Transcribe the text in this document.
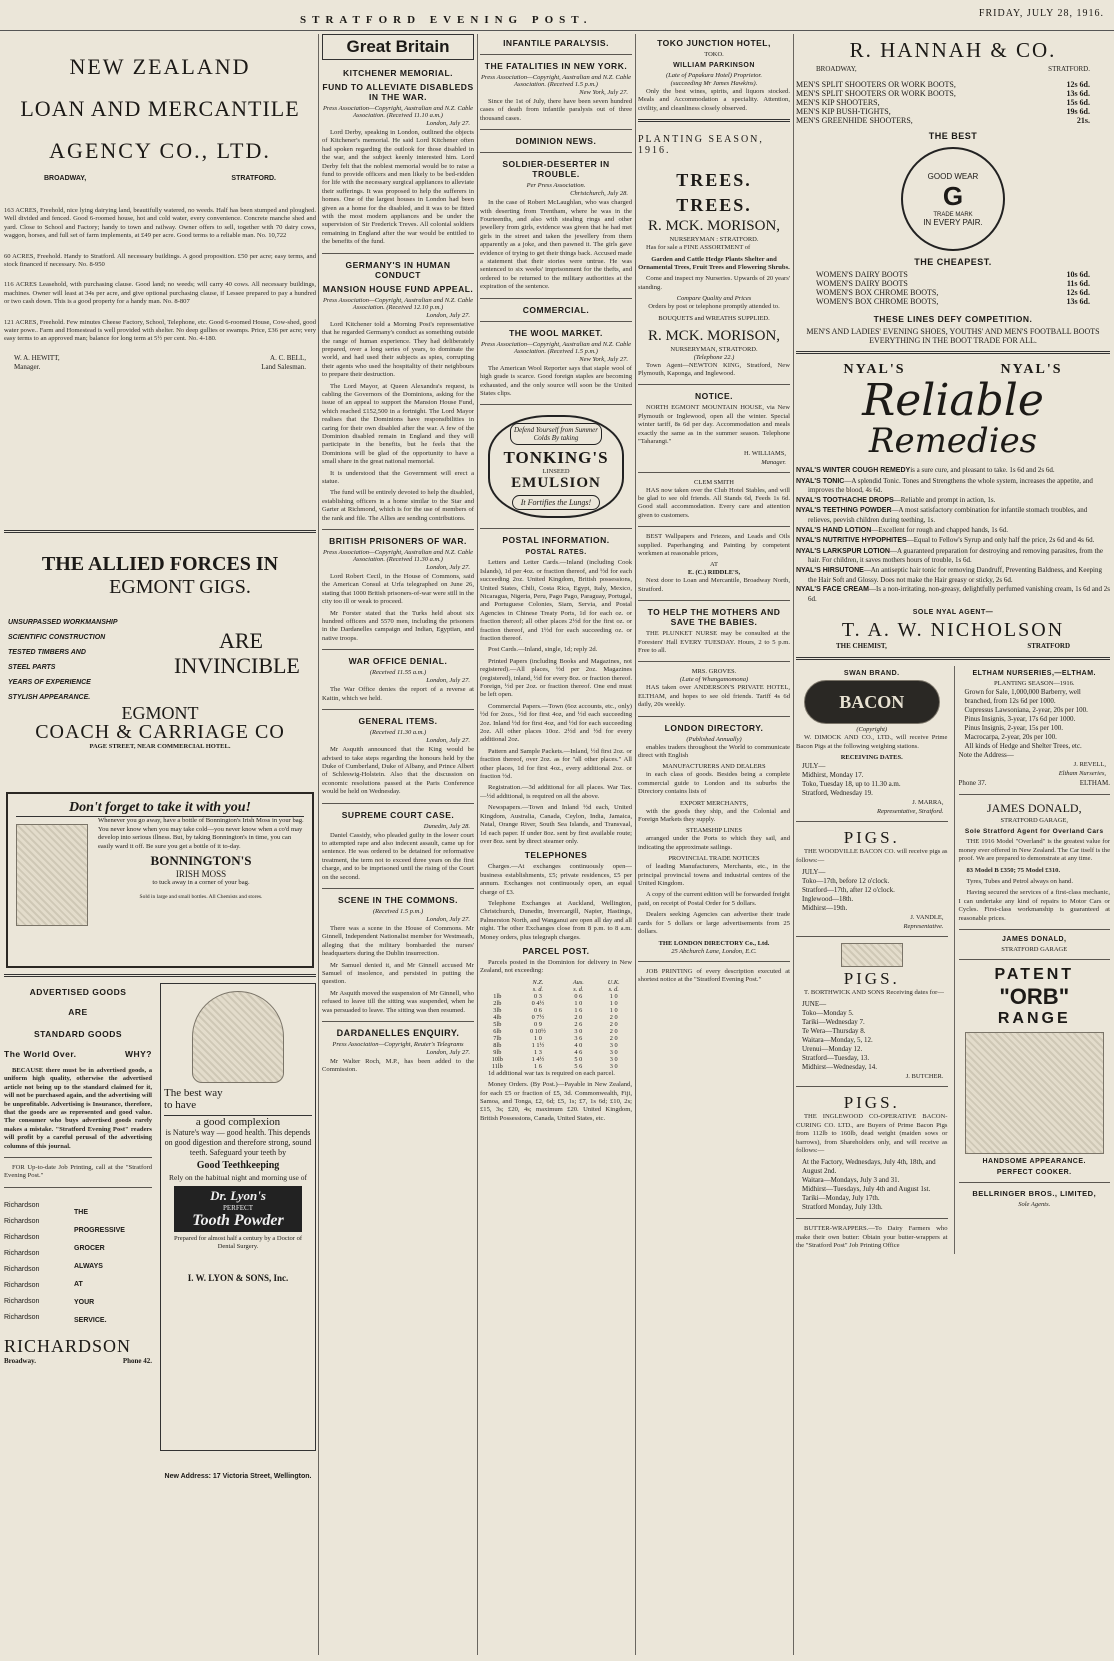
STRATFORD EVENING POST.
FRIDAY, JULY 28, 1916.
NEW ZEALAND
LOAN AND MERCANTILE
AGENCY CO., LTD.
BROADWAY,	STRATFORD.
163 ACRES, Freehold, nice lying dairying land, beautifully watered, no weeds. Half has been stumped and ploughed. Well divided and fenced. Good 6-roomed house, hot and cold water, every convenience. Concrete manche shed and yard. Close to School and Factory; handy to town and railway. Owner offers to sell, together with 70 dairy cows, waggon, horses, and full set of farm implements, at £49 per acre. Good terms to a reliable man. No. 10,722
60 ACRES, Freehold. Handy to Stratford. All necessary buildings. A good proposition. £50 per acre; easy terms, and stock financed if necessary. No. 8-950
116 ACRES Leasehold, with purchasing clause. Good land; no weeds; will carry 40 cows. All necessary buildings, machines. Owner will least at 34s per acre, and give optional purchasing clause, if Lessee prepared to pay a hundred or two cash down. This is a good property for a handy man. No. 8-807
121 ACRES, Freehold. Few minutes Cheese Factory, School, Telephone, etc. Good 6-roomed House, Cow-shed, good water powe.. Farm and Homestead is well provided with shelter. No deep gullies or swamps. Price, £36 per acre; very easy terms to an approved man; balance for long term at 5½ per cent. No. 4-180.
W. A. HEWITT,
Manager.
A. C. BELL,
Land Salesman.
THE ALLIED FORCES IN
EGMONT GIGS.
UNSURPASSED WORKMANSHIP
SCIENTIFIC CONSTRUCTION
TESTED TIMBERS AND
STEEL PARTS
YEARS OF EXPERIENCE
STYLISH APPEARANCE.
ARE
INVINCIBLE
EGMONT
COACH & CARRIAGE CO
PAGE STREET, NEAR COMMERCIAL HOTEL.
Don't forget to take it with you!
Whenever you go away, have a bottle of Bonnington's Irish Moss in your bag. You never know when you may take cold—you never know when a co'd may develop into serious illness. But, by taking Bonnington's in time, you can easily ward it off. Be sure you get a bottle of it to-day.
BONNINGTON'S
IRISH MOSS
to tuck away in a corner of your bag.
Sold in large and small bottles. All Chemists and stores.
ADVERTISED GOODS
ARE
STANDARD GOODS
The World Over.	WHY?
BECAUSE there must be in advertised goods, a uniform high quality, otherwise the advertised article not being up to the standard claimed for it, will not be purchased again, and the advertising will be unprofitable. Advertising is Insurance, therefore, that the goods are as represented and good value. The consumer who buys advertised goods rarely makes a mistake. "Stratford Evening Post" readers will profit by a careful perusal of the advertising columns of this journal.
FOR Up-to-date Job Printing, call at the "Stratford Evening Post."
Richardson
Richardson
Richardson
Richardson
Richardson
Richardson
Richardson
Richardson
THE
PROGRESSIVE
GROCER
ALWAYS
AT
YOUR
SERVICE.
RICHARDSON
Broadway.	Phone 42.
The best way to have
a good complexion
is Nature's way — good health. This depends on good digestion and therefore strong, sound teeth. Safeguard your teeth by
Good Teethkeeping
Rely on the habitual night and morning use of
Dr. Lyon's
PERFECT
Tooth Powder
Prepared for almost half a century by a Doctor of Dental Surgery.
I. W. LYON & SONS, Inc.
New Address: 17 Victoria Street, Wellington.
Great Britain
KITCHENER MEMORIAL.
FUND TO ALLEVIATE DISABLEDS IN THE WAR.
Press Association—Copyright, Australian and N.Z. Cable Association. (Received 11.10 a.m.)
London, July 27.
Lord Derby, speaking in London, outlined the objects of Kitchener's memorial. He said Lord Kitchener often had spoken regarding the outlook for those disabled in the war, and the subject keenly interested him. Lord Derby felt that the noblest memorial would be to raise a fund to provide officers and men likely to be bed-ridden for life with the necessary surgical appliances to alleviate their sufferings. It was proposed to help the sufferers in homes. One of the largest houses in London had been given as a home for the disabled, and it was to be fitted with the most modern appliances and be under the supervision of Sir Frederick Treves. All colonial soldiers remaining in England after the war would be entitled to the benefits of the fund.
GERMANY'S IN HUMAN CONDUCT
MANSION HOUSE FUND APPEAL.
Press Association—Copyright, Australian and N.Z. Cable Association. (Received 12.10 p.m.)
London, July 27.
Lord Kitchener told a Morning Post's representative that he regarded Germany's conduct as something outside the range of human experience. They had deliberately prepared, over a long series of years, to dominate the world, and had used their subjects as spies, corrupting their agents who used the hospitality of their neighbours to prepare their destruction.
The Lord Mayor, at Queen Alexandra's request, is cabling the Governors of the Dominions, asking for the issue of an appeal to support the Mansion House Fund, which reached £152,500 in a fortnight. The Lord Mayor realises that the Dominions have responsibilities in caring for their own disabled after the war. A few of the Dominion disabled remain in England and they will participate in the benefits, but he feels that the Dominions will be glad of the opportunity to have a small share in the great national memorial.
It is understood that the Government will erect a statue.
The fund will be entirely devoted to help the disabled, establishing officers in a home similar to the Star and Garter at Richmond, which is for the use of members of the rank and file. The Allies are sending contributions.
BRITISH PRISONERS OF WAR.
Press Association—Copyright, Australian and N.Z. Cable Association. (Received 11.30 a.m.)
London, July 27.
Lord Robert Cecil, in the House of Commons, said the American Consul at Urfa telegraphed on June 26, stating that 1000 British prisoners-of-war were still in the city too ill or weak to proceed.
Mr Forster stated that the Turks held about six hundred officers and 5570 men, including the prisoners in the Dardanelles campaign and Indian, Egyptian, and native troops.
WAR OFFICE DENIAL.
(Received 11.55 a.m.)
London, July 27.
The War Office denies the report of a reverse at Kaitin, which we held.
GENERAL ITEMS.
(Received 11.30 a.m.)
London, July 27.
Mr Asquith announced that the King would be advised to take steps regarding the honours held by the Duke of Cumberland, Duke of Albany, and Prince Albert of Schleswig-Holstein. Also that the discussion on economic resolutions passed at the Paris Conference would be held on Wednesday.
SUPREME COURT CASE.
Dunedin, July 28.
Daniel Cassidy, who pleaded guilty in the lower court to attempted rape and also indecent assault, came up for sentence. He was ordered to be detained for reformative treatment, the term not to exceed three years on the first charge, and to be imprisoned until the rising of the Court on the second.
SCENE IN THE COMMONS.
(Received 1.5 p.m.)
London, July 27.
There was a scene in the House of Commons. Mr Ginnell, Independent Nationalist member for Westmeath, alleging that the military bombarded the nurses' headquarters during the Dublin insurrection.
Mr Samuel denied it, and Mr Ginnell accused Mr Samuel of insolence, and persisted in putting the question.
Mr Asquith moved the suspension of Mr Ginnell, who refused to leave till the sitting was suspended, when he was persuaded to leave. The sitting was then resumed.
DARDANELLES ENQUIRY.
Press Association—Copyright, Reuter's Telegrams
London, July 27.
Mr Walter Roch, M.P., has been added to the Commission.
INFANTILE PARALYSIS.
THE FATALITIES IN NEW YORK.
Press Association—Copyright, Australian and N.Z. Cable Association. (Received 1.5 p.m.)
New York, July 27.
Since the 1st of July, there have been seven hundred cases of death from infantile paralysis out of three thousand cases.
DOMINION NEWS.
SOLDIER-DESERTER IN TROUBLE.
Per Press Association.
Christchurch, July 28.
In the case of Robert McLaughlan, who was charged with deserting from Trentham, where he was in the Fourteenths, and also with stealing rings and other jewellery from girls, evidence was given that he had met girls in the street and taken the jewellery from them apparently as a joke, and then pawned it. The girls gave evidence of trying to get their things back. Accused made a statement that their stories were untrue. He was sentenced to six weeks' imprisonment for the thefts, and ordered to be returned to the military authorities at the expiration of the sentence.
COMMERCIAL.
THE WOOL MARKET.
Press Association—Copyright, Australian and N.Z. Cable Association. (Received 1.5 p.m.)
New York, July 27.
The American Wool Reporter says that staple wool of high grade is scarce. Good foreign staples are becoming exhausted, and the only source will soon be the United States clips.
Defend Yourself from Summer Colds By taking
TONKING'S
LINSEED
EMULSION
It Fortifies the Lungs!
POSTAL INFORMATION.
POSTAL RATES.
Letters and Letter Cards.—Inland (including Cook Islands), 1d per 4oz. or fraction thereof, and ½d for each succeeding 2oz. United Kingdom, British possessions, United States, Chili, Costa Rica, Egypt, Italy, Mexico, Nicaragua, Nigeria, Peru, Pago Pago, Paraguay, Portugal, and Portuguese Colonies, Siam, Servia, and Postal Agencies in Chinese Treaty Ports, 1d for each oz. or fraction thereof; all other places 2½d for the first oz. or fraction thereof, and 1½d for each succeeding oz. or fraction thereof.
Post Cards.—Inland, single, 1d; reply 2d.
Printed Papers (including Books and Magazines, not registered).—All places, ½d per 2oz. Magazines (registered), inland, ½d for every 8oz. or fraction thereof. Foreign, ½d per 2oz. or fraction thereof. One end must be left open.
Commercial Papers.—Town (6oz accounts, etc., only) ½d for 2ozs., ½d for first 4oz, and ½d each succeeding 2oz. Inland ½d for first 4oz, and ½d for each succeeding 2oz. All other places 10oz. 2½d and ½d for every additional 2oz.
Pattern and Sample Packets.—Inland, ½d first 2oz. or fraction thereof, over 2oz. as for "all other places." All other places, 1d for first 4oz., every additional 2oz. or fraction ½d.
Registration.—3d additional for all places. War Tax.—½d additional, is required on all the above.
Newspapers.—Town and Inland ½d each, United Kingdom, Australia, Canada, Ceylon, India, Jamaica, Natal, Orange River, South Sea Islands, and Transvaal, 1d each paper. If under 8oz. sent by first available route; over 8oz. sent by direct steamer only.
TELEPHONES
Charges.—At exchanges continuously open—business establishments, £5; private residences, £5 per annum. Exchanges not continuously open, an equal charge of £3.
Telephone Exchanges at Auckland, Wellington, Christchurch, Dunedin, Invercargill, Napier, Hastings, Palmerston North, and Wanganui are open all day and all night. The other Exchanges close from 8 p.m. to 8 a.m. Money orders, plus telegraph charges.
PARCEL POST.
Parcels posted in the Dominion for delivery in New Zealand, not exceeding:
	N.Z.	Aus.	U.K.
	s. d.	s. d.	s. d.
1lb	0 3	0 6	1 0
2lb	0 4½	1 0	1 0
3lb	0 6	1 6	1 0
4lb	0 7½	2 0	2 0
5lb	0 9	2 6	2 0
6lb	0 10½	3 0	2 0
7lb	1 0	3 6	2 0
8lb	1 1½	4 0	3 0
9lb	1 3	4 6	3 0
10lb	1 4½	5 0	3 0
11lb	1 6	5 6	3 0
1d additional war tax is required on each parcel.
Money Orders. (By Post.)—Payable in New Zealand, for each £5 or fraction of £5, 3d. Commonwealth, Fiji, Samoa, and Tonga, £2, 6d; £5, 1s; £7, 1s 6d; £10, 2s; £15, 3s; £20, 4s; maximum £20. United Kingdom, British Possessions, Canada, United States, etc.
TOKO JUNCTION HOTEL,
TOKO.
WILLIAM PARKINSON
(Late of Papakura Hotel) Proprietor.
(succeeding Mr James Hawkins).
Only the best wines, spirits, and liquors stocked. Meals and Accommodation a speciality. Attention, civility, and cleanliness closely observed.
PLANTING SEASON, 1916.
TREES.
TREES.
R. MCK. MORISON,
NURSERYMAN : STRATFORD.
Has for sale a FINE ASSORTMENT of
Garden and Cattle Hedge Plants Shelter and Ornamental Trees, Fruit Trees and Flowering Shrubs.
Come and inspect my Nurseries. Upwards of 20 years' standing.
Compare Quality and Prices
Orders by post or telephone promptly attended to.
BOUQUETS and WREATHS SUPPLIED.
R. MCK. MORISON,
NURSERYMAN, STRATFORD.
(Telephone 22.)
Town Agent—NEWTON KING, Stratford, New Plymouth, Kaponga, and Inglewood.
NOTICE.
NORTH EGMONT MOUNTAIN HOUSE, via New Plymouth or Inglewood, open all the winter. Special winter tariff, 8s 6d per day. Accommodation and meals exactly the same as in the summer season. Telephone "Taharangi."
H. WILLIAMS,
Manager.
CLEM SMITH
HAS now taken over the Club Hotel Stables, and will be glad to see old friends. All Stands 6d, Feeds 1s 6d. Good stall accommodation. Every care and attention given to customers.
BEST Wallpapers and Friezes, and Leads and Oils supplied. Paperhanging and Painting by competent workmen at reasonable prices,
AT
E. (C.) RIDDLE'S,
Next door to Loan and Mercantile, Broadway North, Stratford.
TO HELP THE MOTHERS AND SAVE THE BABIES.
THE PLUNKET NURSE may be consulted at the Foresters' Hall EVERY TUESDAY. Hours, 2 to 5 p.m. Free to all.
MRS. GROVES.
(Late of Whangamomona)
HAS taken over ANDERSON'S PRIVATE HOTEL, ELTHAM, and hopes to see old friends. Tariff 4s 6d daily, 20s weekly.
LONDON DIRECTORY.
(Published Annually)
enables traders throughout the World to communicate direct with English
MANUFACTURERS AND DEALERS
in each class of goods. Besides being a complete commercial guide to London and its suburbs the Directory contains lists of
EXPORT MERCHANTS,
with the goods they ship, and the Colonial and Foreign Markets they supply.
STEAMSHIP LINES
arranged under the Ports to which they sail, and indicating the approximate sailings.
PROVINCIAL TRADE NOTICES
of leading Manufacturers, Merchants, etc., in the principal provincial towns and industrial centres of the United Kingdom.
A copy of the current edition will be forwarded freight paid, on receipt of Postal Order for 5 dollars.
Dealers seeking Agencies can advertise their trade cards for 5 dollars or large advertisements from 25 dollars.
THE LONDON DIRECTORY Co., Ltd.
25 Abchurch Lane, London, E.C.
JOB PRINTING of every description executed at shortest notice at the "Stratford Evening Post."
R. HANNAH & CO.
BROADWAY,	STRATFORD.
MEN'S SPLIT SHOOTERS OR WORK BOOTS,	12s 6d.
MEN'S SPLIT SHOOTERS OR WORK BOOTS,	13s 6d.
MEN'S KIP SHOOTERS,	15s 6d.
MEN'S KIP BUSH-TIGHTS,	19s 6d.
MEN'S GREENHIDE SHOOTERS,	21s.
THE BEST
GOOD WEAR
G
TRADE MARK
IN EVERY PAIR.
THE CHEAPEST.
WOMEN'S DAIRY BOOTS	10s 6d.
WOMEN'S DAIRY BOOTS	11s 6d.
WOMEN'S BOX CHROME BOOTS,	12s 6d.
WOMEN'S BOX CHROME BOOTS,	13s 6d.
THESE LINES DEFY COMPETITION.
MEN'S AND LADIES' EVENING SHOES, YOUTHS' AND MEN'S FOOTBALL BOOTS EVERYTHING IN THE BOOT TRADE FOR ALL.
NYAL'S	NYAL'S
Reliable
Remedies
NYAL'S WINTER COUGH REMEDYis a sure cure, and pleasant to take. 1s 6d and 2s 6d.
NYAL'S TONIC—A splendid Tonic. Tones and Strengthens the whole system, increases the appetite, and improves the blood, 4s 6d.
NYAL'S TOOTHACHE DROPS—Reliable and prompt in action, 1s.
NYAL'S TEETHING POWDER—A most satisfactory combination for infantile stomach troubles, and relieves, peevish children during teething, 1s.
NYAL'S HAND LOTION—Excellent for rough and chapped hands, 1s 6d.
NYAL'S NUTRITIVE HYPOPHITES—Equal to Fellow's Syrup and only half the price, 2s 6d and 4s 6d.
NYAL'S LARKSPUR LOTION—A guaranteed preparation for destroying and removing parasites, from the hair. For children, it saves mothers hours of trouble, 1s 6d.
NYAL'S HIRSUTONE—An antiseptic hair tonic for removing Dandruff, Preventing Baldness, and Keeping the Hair Soft and Glossy. Does not make the Hair greasy or sticky, 2s 6d.
NYAL'S FACE CREAM—Is a non-irritating, non-greasy, delightfully perfumed vanishing cream, 1s 6d and 2s 6d.
SOLE NYAL AGENT—
T. A. W. NICHOLSON
THE CHEMIST,	STRATFORD
SWAN BRAND.
BACON
(Copyright)
W. DIMOCK AND CO., LTD., will receive Prime Bacon Pigs at the following weighing stations.
RECEIVING DATES.
JULY—
Midhirst, Monday 17.
Toko, Tuesday 18, up to 11.30 a.m.
Stratford, Wednesday 19.
J. MARRA,
Representative, Stratford.
PIGS.
THE WOODVILLE BACON CO. will receive pigs as follows:—
JULY—
Toko—17th, before 12 o'clock.
Stratford—17th, after 12 o'clock.
Inglewood—18th.
Midhirst—19th.
J. VANDLE,
Representative.
PIGS.
T. BORTHWICK AND SONS Receiving dates for—
JUNE—
Toko—Monday 5.
Tariki—Wednesday 7.
Te Wera—Thursday 8.
Waitara—Monday, 5, 12.
Urenui—Monday 12.
Stratford—Tuesday, 13.
Midhirst—Wednesday, 14.
J. BUTCHER.
PIGS.
THE INGLEWOOD CO-OPERATIVE BACON-CURING CO. LTD., are Buyers of Prime Bacon Pigs from 112lb to 160lb, dead weight (maiden sows or barrows), from Shareholders only, and will receive as follows:—
At the Factory, Wednesdays, July 4th, 18th, and August 2nd.
Waitara—Mondays, July 3 and 31.
Midhirst—Tuesdays, July 4th and August 1st.
Tariki—Monday, July 17th.
Stratford Monday, July 13th.
BUTTER-WRAPPERS.—To Dairy Farmers who make their own butter: Obtain your butter-wrappers at the "Stratford Post" Job Printing Office
ELTHAM NURSERIES,—ELTHAM.
PLANTING SEASON—1916.
Grown for Sale, 1,000,000 Barberry, well branched, from 12s 6d per 1000.
Cupressus Lawsoniana, 2-year, 20s per 100.
Pinus Insignis, 3-year, 17s 6d per 1000.
Pinus Insignis, 2-year, 15s per 100.
Macrocarpa, 2-year, 20s per 100.
All kinds of Hedge and Shelter Trees, etc.
Note the Address—
J. REVELL,
Eltham Nurseries,
Phone 37.	ELTHAM.
JAMES DONALD,
STRATFORD GARAGE,
Sole Stratford Agent for Overland Cars
THE 1916 Model "Overland" is the greatest value for money ever offered in New Zealand. The Car itself is the proof. We are prepared to demonstrate at any time.
83 Model B £350; 75 Model £310.
Tyres, Tubes and Petrol always on hand.
Having secured the services of a first-class mechanic, I can undertake any kind of repairs to Motor Cars or Cycles. First-class workmanship is guaranteed at reasonable prices.
JAMES DONALD,
STRATFORD GARAGE
PATENT
"ORB"
RANGE
HANDSOME APPEARANCE.
PERFECT COOKER.
BELLRINGER BROS., LIMITED,
Sole Agents.
